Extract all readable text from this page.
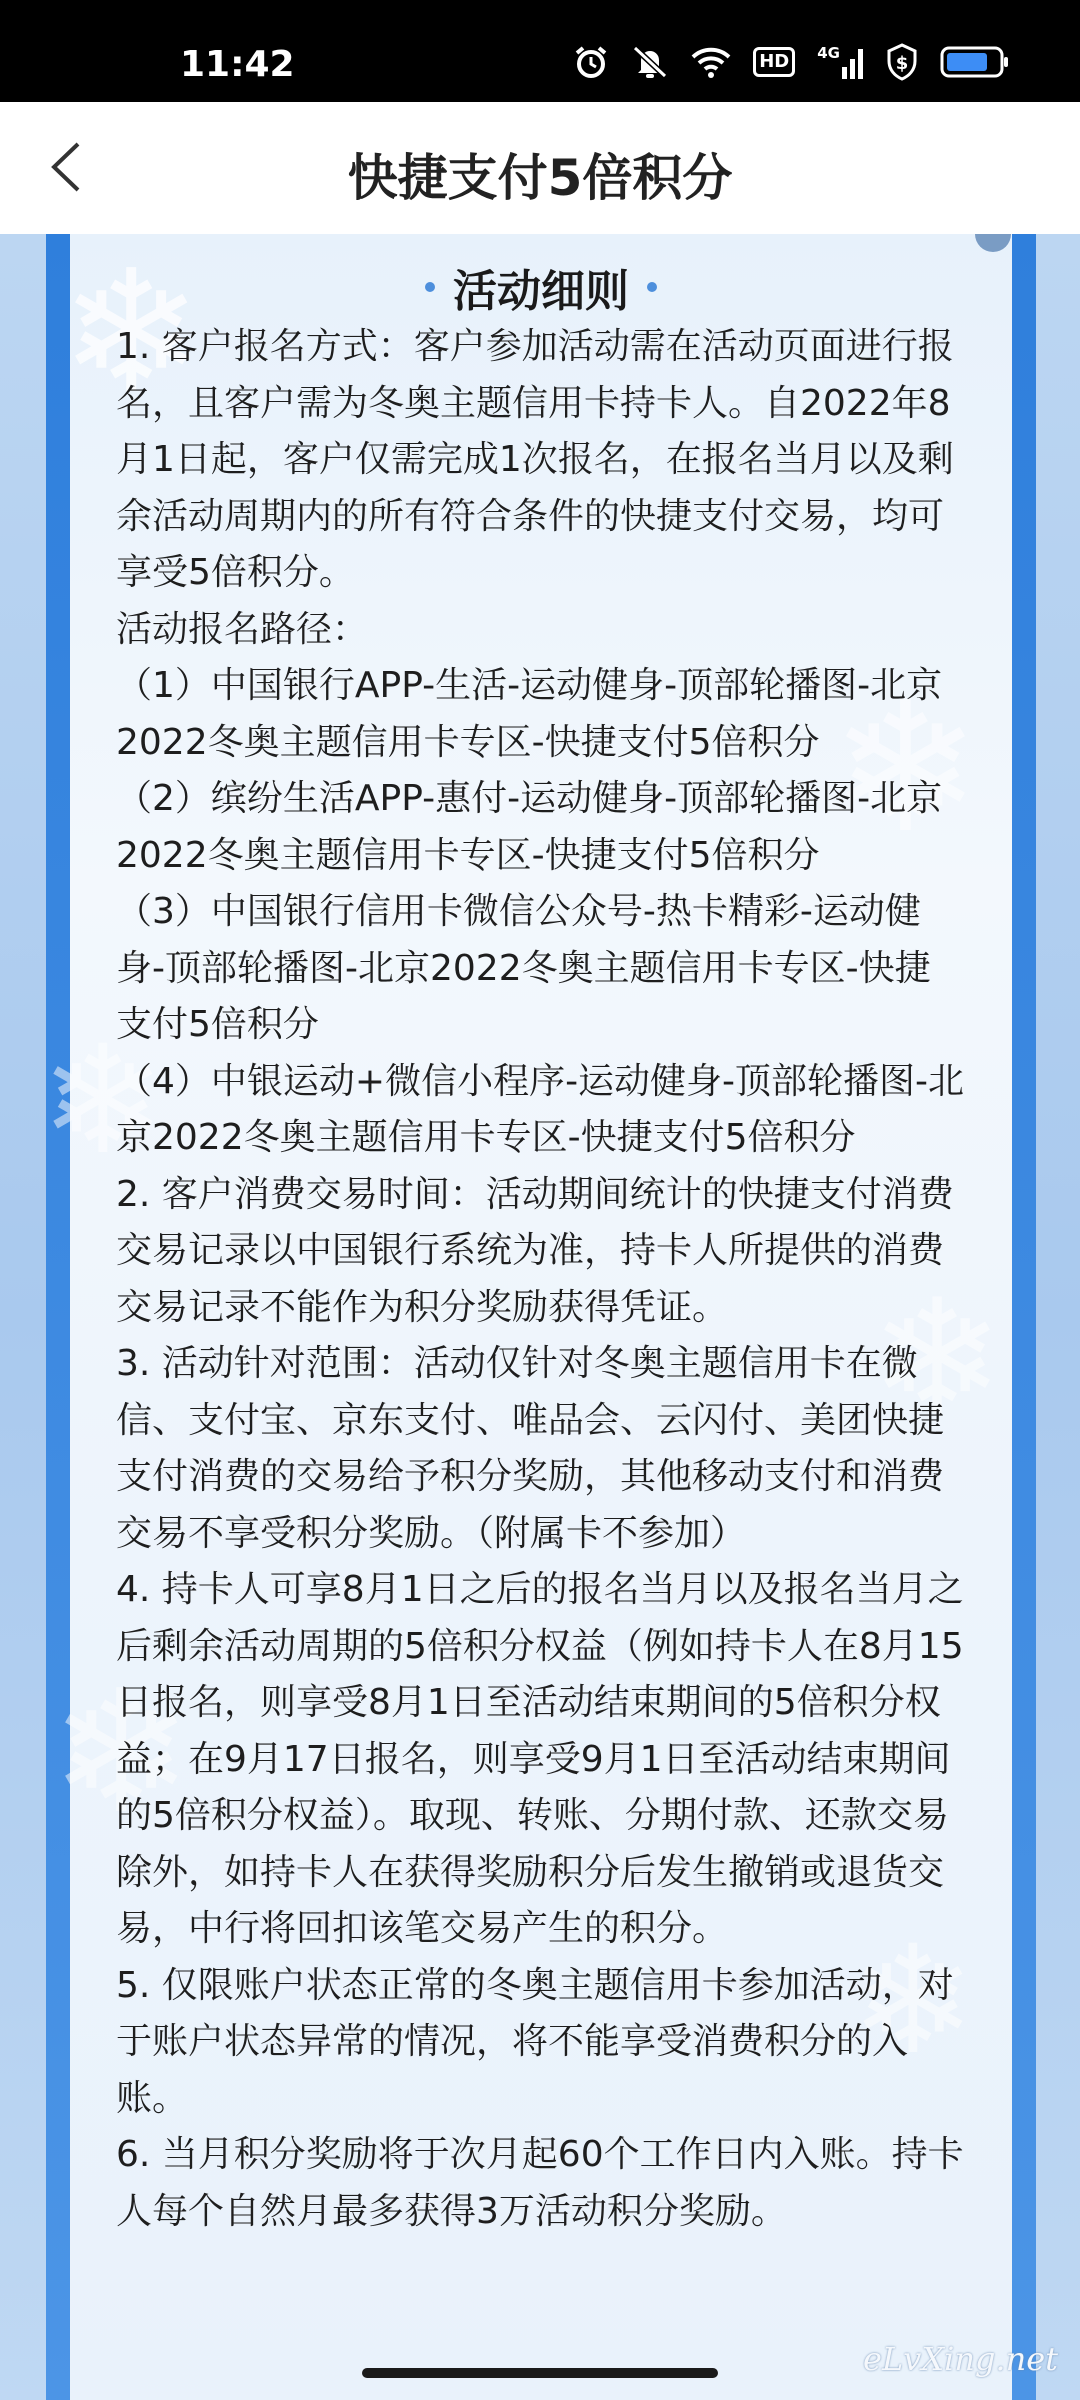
11:42	HD	4G	$
快捷支付5倍积分
❄
❄
❄
❄
❄
❄
活动细则

1. 客户报名方式：客户参加活动需在活动页面进行报名，且客户需为冬奥主题信用卡持卡人。自2022年8月1日起，客户仅需完成1次报名，在报名当月以及剩余活动周期内的所有符合条件的快捷支付交易，均可享受5倍积分。

活动报名路径：

（1）中国银行APP-生活-运动健身-顶部轮播图-北京2022冬奥主题信用卡专区-快捷支付5倍积分

（2）缤纷生活APP-惠付-运动健身-顶部轮播图-北京2022冬奥主题信用卡专区-快捷支付5倍积分

（3）中国银行信用卡微信公众号-热卡精彩-运动健身-顶部轮播图-北京2022冬奥主题信用卡专区-快捷支付5倍积分

（4）中银运动+微信小程序-运动健身-顶部轮播图-北京2022冬奥主题信用卡专区-快捷支付5倍积分

2. 客户消费交易时间：活动期间统计的快捷支付消费交易记录以中国银行系统为准，持卡人所提供的消费交易记录不能作为积分奖励获得凭证。

3. 活动针对范围：活动仅针对冬奥主题信用卡在微信、支付宝、京东支付、唯品会、云闪付、美团快捷支付消费的交易给予积分奖励，其他移动支付和消费交易不享受积分奖励。（附属卡不参加）

4. 持卡人可享8月1日之后的报名当月以及报名当月之后剩余活动周期的5倍积分权益（例如持卡人在8月15日报名，则享受8月1日至活动结束期间的5倍积分权益；在9月17日报名，则享受9月1日至活动结束期间的5倍积分权益）。取现、转账、分期付款、还款交易除外，如持卡人在获得奖励积分后发生撤销或退货交易，中行将回扣该笔交易产生的积分。

5. 仅限账户状态正常的冬奥主题信用卡参加活动，对于账户状态异常的情况，将不能享受消费积分的入账。

6. 当月积分奖励将于次月起60个工作日内入账。持卡人每个自然月最多获得3万活动积分奖励。

eLvXing.net
